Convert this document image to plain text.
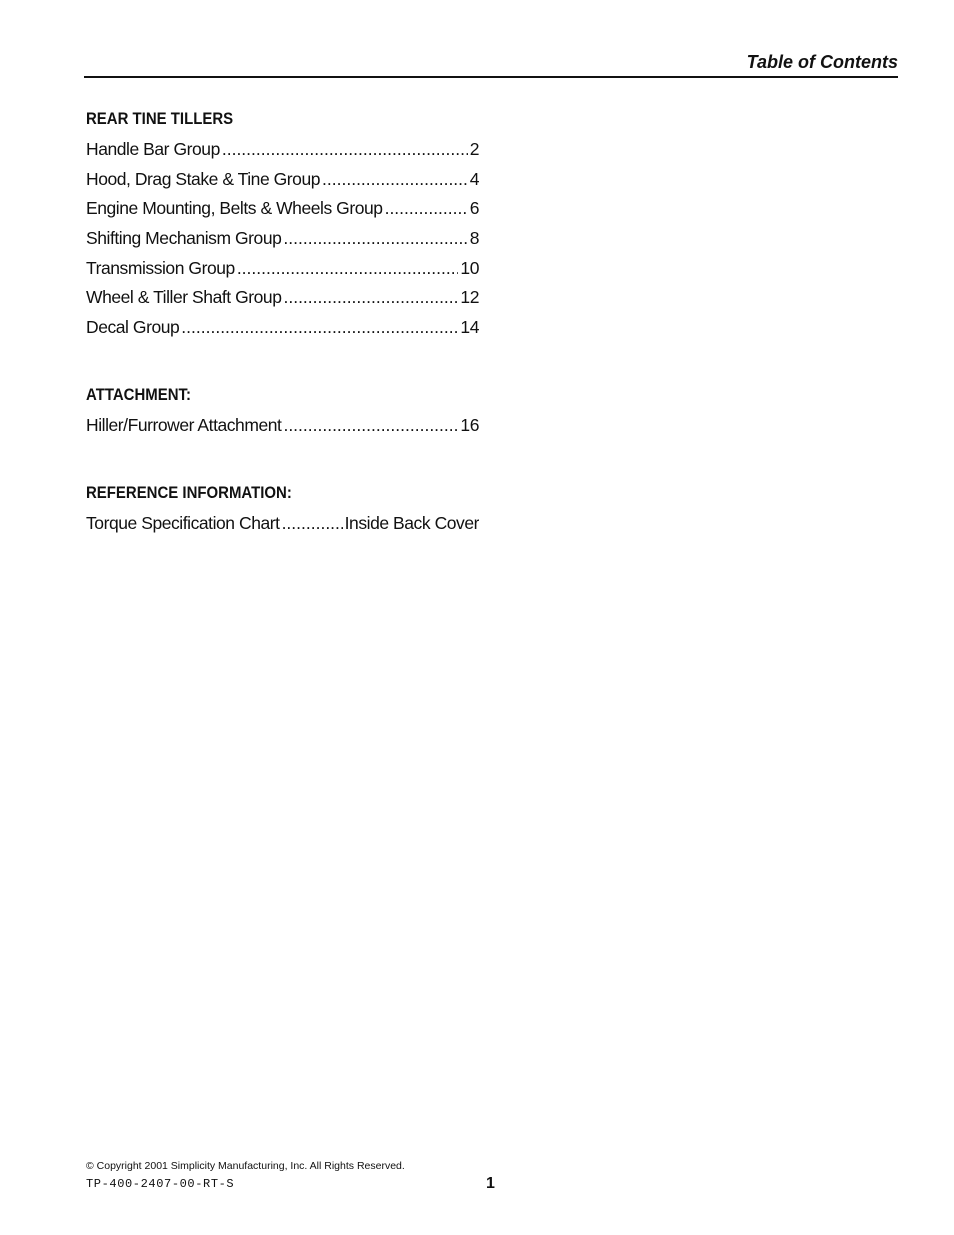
Table of Contents
REAR TINE TILLERS
Handle Bar Group .....	2
Hood, Drag Stake & Tine Group .....	4
Engine Mounting, Belts & Wheels Group .....	6
Shifting Mechanism Group .....	8
Transmission Group .....	10
Wheel & Tiller Shaft Group .....	12
Decal Group .....	14
ATTACHMENT:
Hiller/Furrower Attachment .....	16
REFERENCE INFORMATION:
Torque Specification Chart .....	Inside Back Cover
© Copyright 2001 Simplicity Manufacturing, Inc. All Rights Reserved.
TP-400-2407-00-RT-S	1
